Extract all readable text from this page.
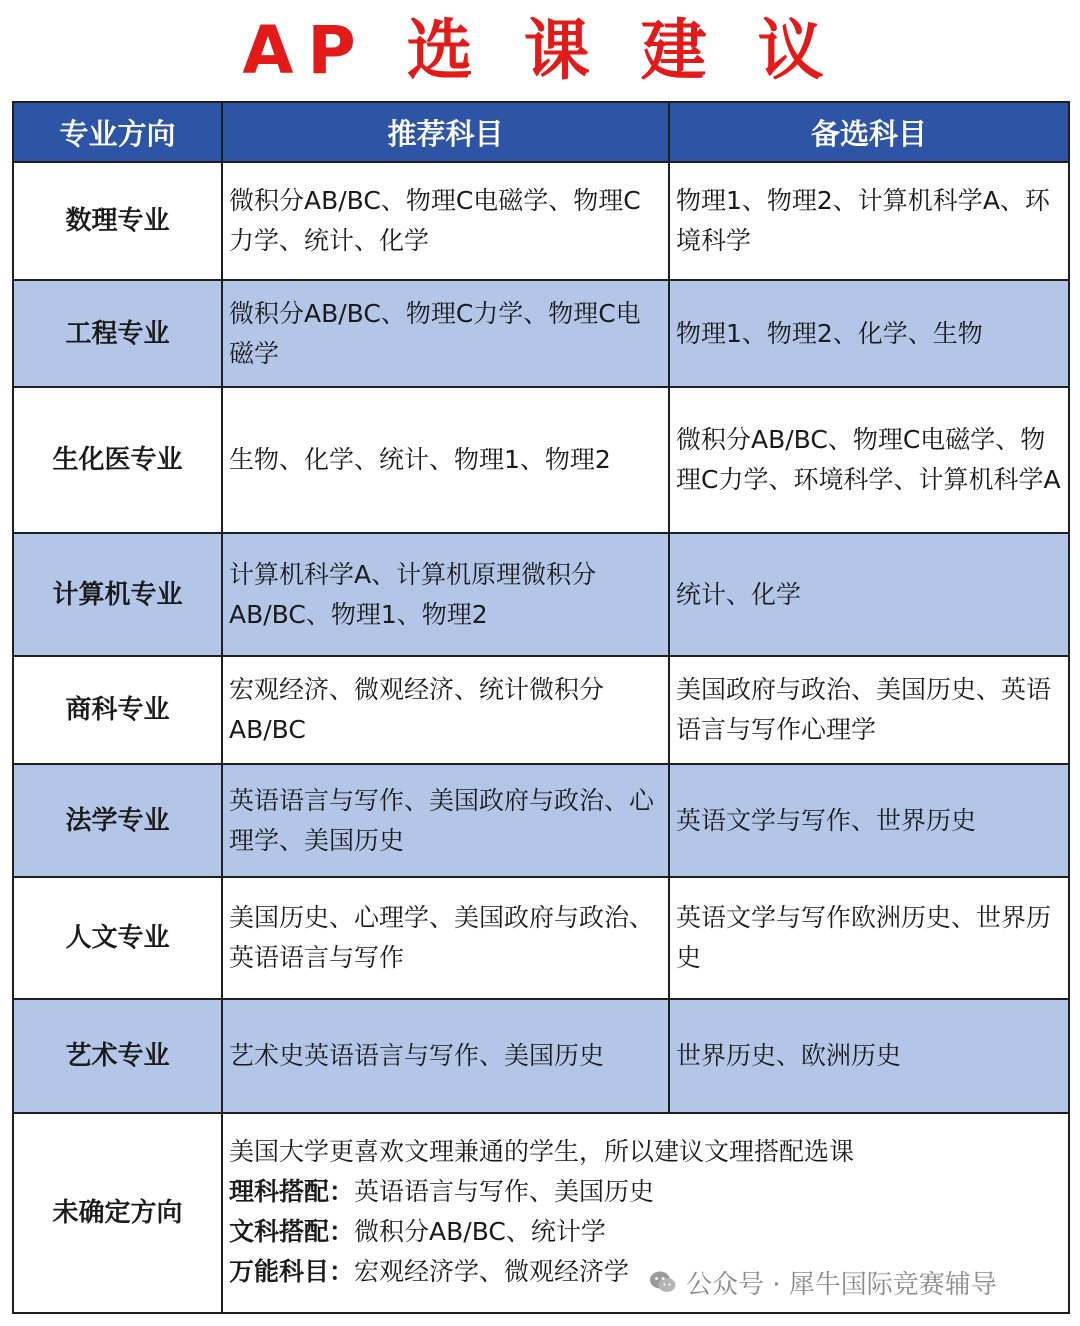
AP 选 课 建 议
专业方向	推荐科目	备选科目
数理专业	微积分AB/BC、物理C电磁学、物理C力学、统计、化学	物理1、物理2、计算机科学A、环境科学
工程专业	微积分AB/BC、物理C力学、物理C电磁学	物理1、物理2、化学、生物
生化医专业	生物、化学、统计、物理1、物理2	微积分AB/BC、物理C电磁学、物理C力学、环境科学、计算机科学A
计算机专业	计算机科学A、计算机原理微积分AB/BC、物理1、物理2	统计、化学
商科专业	宏观经济、微观经济、统计微积分AB/BC	美国政府与政治、美国历史、英语语言与写作心理学
法学专业	英语语言与写作、美国政府与政治、心理学、美国历史	英语文学与写作、世界历史
人文专业	美国历史、心理学、美国政府与政治、英语语言与写作	英语文学与写作欧洲历史、世界历史
艺术专业	艺术史英语语言与写作、美国历史	世界历史、欧洲历史
未确定方向	美国大学更喜欢文理兼通的学生，所以建议文理搭配选课
理科搭配：英语语言与写作、美国历史
文科搭配：微积分AB/BC、统计学
万能科目：宏观经济学、微观经济学		公众号 · 犀牛国际竞赛辅导
